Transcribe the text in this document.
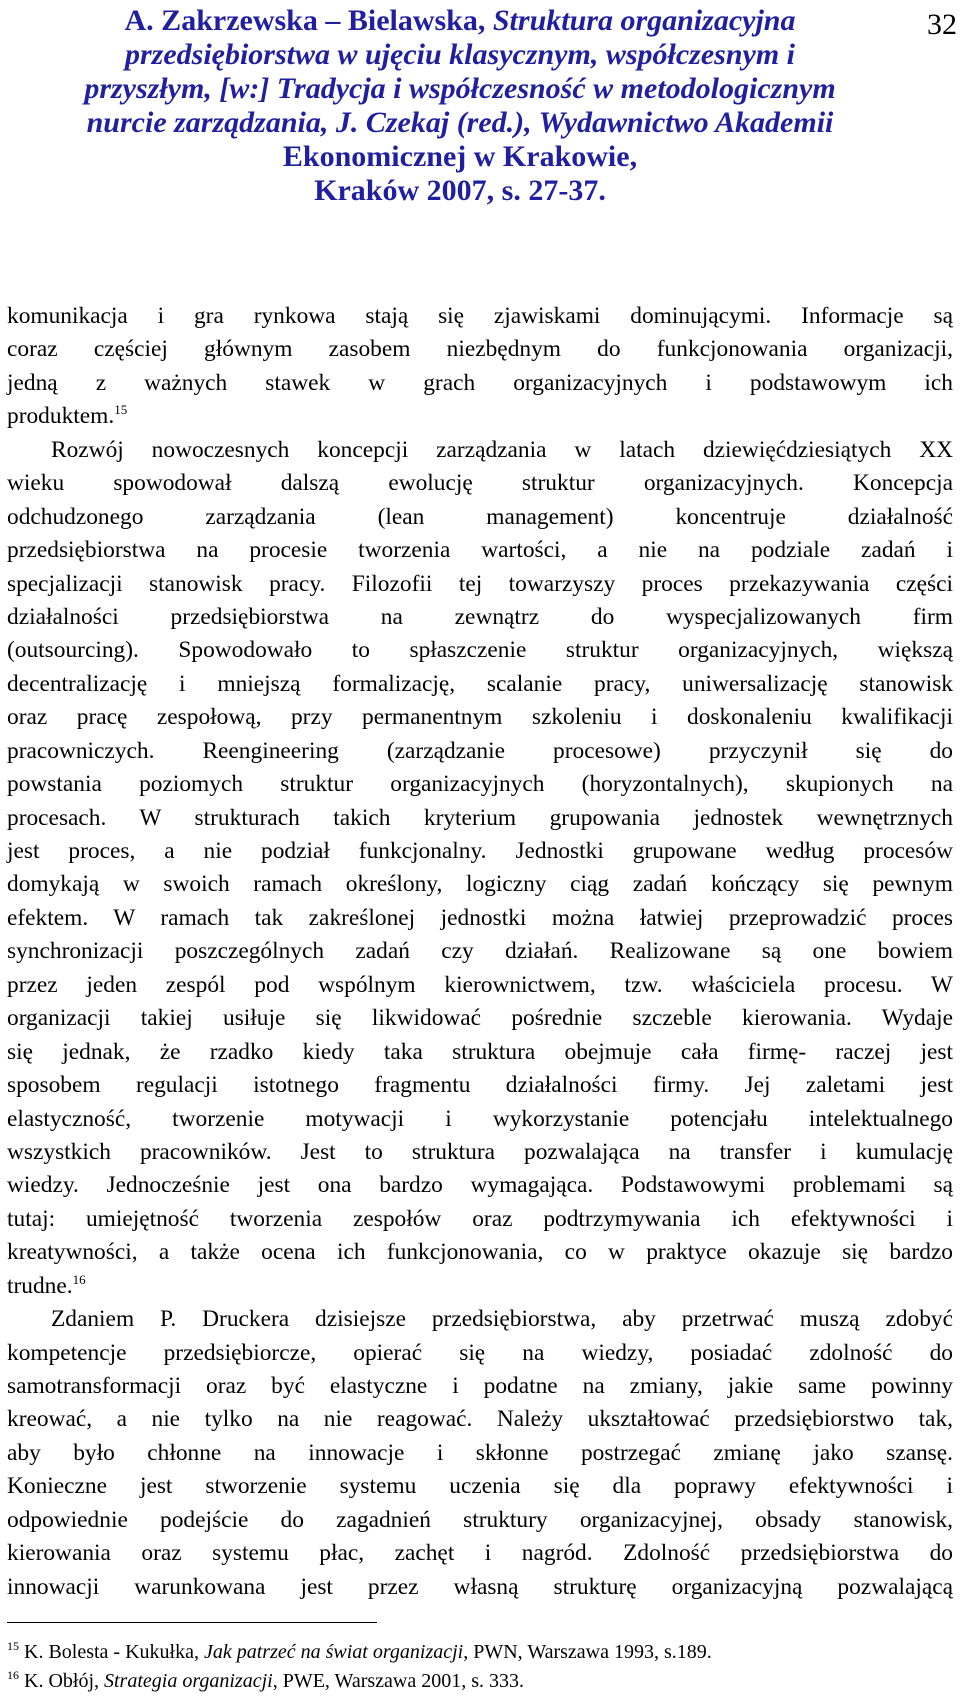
A. Zakrzewska – Bielawska, Struktura organizacyjna
przedsiębiorstwa w ujęciu klasycznym, współczesnym i
przyszłym, [w:] Tradycja i współczesność w metodologicznym
nurcie zarządzania, J. Czekaj (red.), Wydawnictwo Akademii
Ekonomicznej w Krakowie,
Kraków 2007, s. 27-37.
32
komunikacja i gra rynkowa stają się zjawiskami dominującymi. Informacje są
coraz częściej głównym zasobem niezbędnym do funkcjonowania organizacji,
jedną z ważnych stawek w grach organizacyjnych i podstawowym ich
produktem.$^{15}$
Rozwój nowoczesnych koncepcji zarządzania w latach dziewięćdziesiątych XX
wieku spowodował dalszą ewolucję struktur organizacyjnych. Koncepcja
odchudzonego zarządzania (lean management) koncentruje działalność
przedsiębiorstwa na procesie tworzenia wartości, a nie na podziale zadań i
specjalizacji stanowisk pracy. Filozofii tej towarzyszy proces przekazywania części
działalności przedsiębiorstwa na zewnątrz do wyspecjalizowanych firm
(outsourcing). Spowodowało to spłaszczenie struktur organizacyjnych, większą
decentralizację i mniejszą formalizację, scalanie pracy, uniwersalizację stanowisk
oraz pracę zespołową, przy permanentnym szkoleniu i doskonaleniu kwalifikacji
pracowniczych. Reengineering (zarządzanie procesowe) przyczynił się do
powstania poziomych struktur organizacyjnych (horyzontalnych), skupionych na
procesach. W strukturach takich kryterium grupowania jednostek wewnętrznych
jest proces, a nie podział funkcjonalny. Jednostki grupowane według procesów
domykają w swoich ramach określony, logiczny ciąg zadań kończący się pewnym
efektem. W ramach tak zakreślonej jednostki można łatwiej przeprowadzić proces
synchronizacji poszczególnych zadań czy działań. Realizowane są one bowiem
przez jeden zespól pod wspólnym kierownictwem, tzw. właściciela procesu. W
organizacji takiej usiłuje się likwidować pośrednie szczeble kierowania. Wydaje
się jednak, że rzadko kiedy taka struktura obejmuje cała firmę- raczej jest
sposobem regulacji istotnego fragmentu działalności firmy. Jej zaletami jest
elastyczność, tworzenie motywacji i wykorzystanie potencjału intelektualnego
wszystkich pracowników. Jest to struktura pozwalająca na transfer i kumulację
wiedzy. Jednocześnie jest ona bardzo wymagająca. Podstawowymi problemami są
tutaj: umiejętność tworzenia zespołów oraz podtrzymywania ich efektywności i
kreatywności, a także ocena ich funkcjonowania, co w praktyce okazuje się bardzo
trudne.$^{16}$
Zdaniem P. Druckera dzisiejsze przedsiębiorstwa, aby przetrwać muszą zdobyć
kompetencje przedsiębiorcze, opierać się na wiedzy, posiadać zdolność do
samotransformacji oraz być elastyczne i podatne na zmiany, jakie same powinny
kreować, a nie tylko na nie reagować. Należy ukształtować przedsiębiorstwo tak,
aby było chłonne na innowacje i skłonne postrzegać zmianę jako szansę.
Konieczne jest stworzenie systemu uczenia się dla poprawy efektywności i
odpowiednie podejście do zagadnień struktury organizacyjnej, obsady stanowisk,
kierowania oraz systemu płac, zachęt i nagród. Zdolność przedsiębiorstwa do
innowacji warunkowana jest przez własną strukturę organizacyjną pozwalającą
$^{15}$ K. Bolesta - Kukułka, Jak patrzeć na świat organizacji, PWN, Warszawa 1993, s.189.
$^{16}$ K. Obłój, Strategia organizacji, PWE, Warszawa 2001, s. 333.
